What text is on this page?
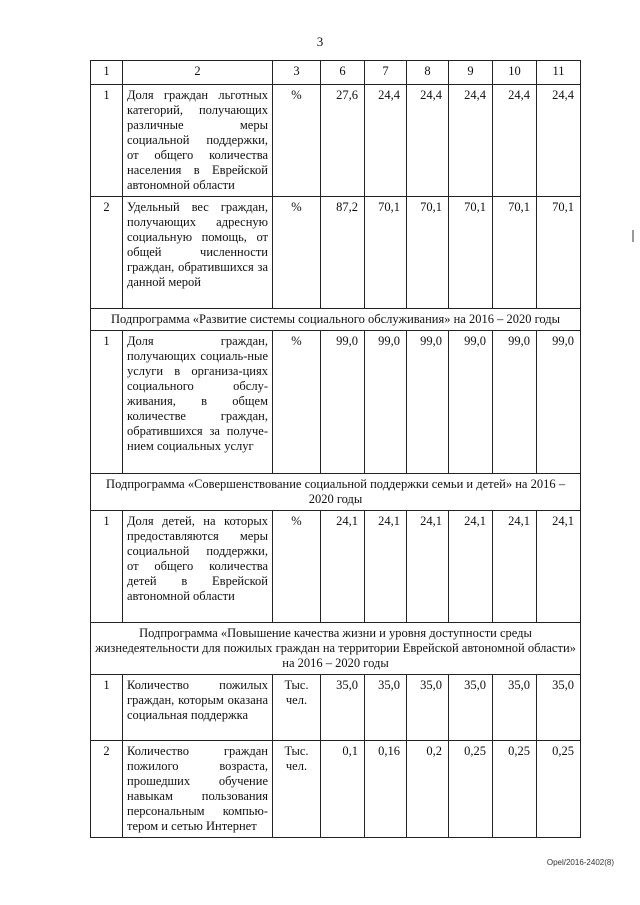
3
1	2	3	6	7	8	9	10	11
1	Доля граждан льготных категорий, получающих различные меры социальной поддержки, от общего количества населения в Еврейской автономной области	%	27,6	24,4	24,4	24,4	24,4	24,4
2	Удельный вес граждан, получающих адресную социальную помощь, от общей численности граждан, обратившихся за данной мерой	%	87,2	70,1	70,1	70,1	70,1	70,1
Подпрограмма «Развитие системы социального обслуживания» на 2016 – 2020 годы								
1	Доля граждан, получающих социаль-ные услуги в организа-циях социального обслу-живания, в общем количестве граждан, обратившихся за получе-нием социальных услуг	%	99,0	99,0	99,0	99,0	99,0	99,0
Подпрограмма «Совершенствование социальной поддержки семьи и детей» на 2016 – 2020 годы								
1	Доля детей, на которых предоставляются меры социальной поддержки, от общего количества детей в Еврейской автономной области	%	24,1	24,1	24,1	24,1	24,1	24,1
Подпрограмма «Повышение качества жизни и уровня доступности среды жизнедеятельности для пожилых граждан на территории Еврейской автономной области» на 2016 – 2020 годы								
1	Количество пожилых граждан, которым оказана социальная поддержка	Тыс. чел.	35,0	35,0	35,0	35,0	35,0	35,0
2	Количество граждан пожилого возраста, прошедших обучение навыкам пользования персональным компью-тером и сетью Интернет	Тыс. чел.	0,1	0,16	0,2	0,25	0,25	0,25
Opel/2016-2402(8)
